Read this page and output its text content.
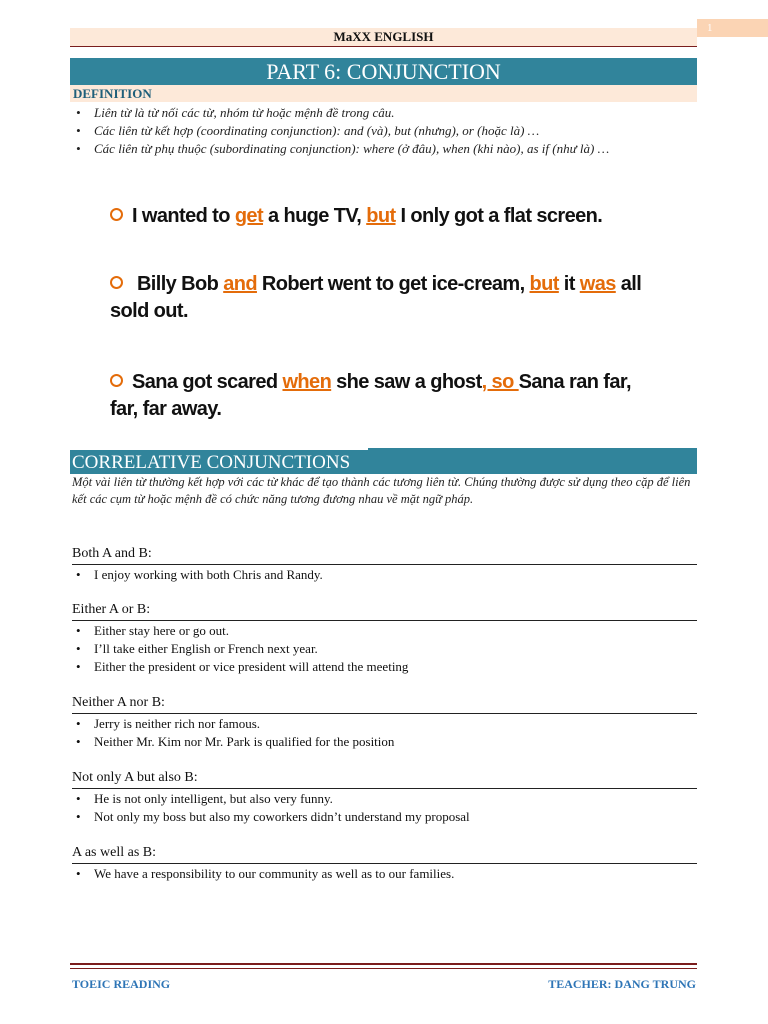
1
MaXX ENGLISH
PART 6: CONJUNCTION
DEFINITION
• Liên từ là từ nối các từ, nhóm từ hoặc mệnh đề trong câu.
• Các liên từ kết hợp (coordinating conjunction): and (và), but (nhưng), or (hoặc là) …
• Các liên từ phụ thuộc (subordinating conjunction): where (ở đâu), when (khi nào), as if (như là) …
I wanted to get a huge TV, but I only got a flat screen.
Billy Bob and Robert went to get ice-cream, but it was all sold out.
Sana got scared when she saw a ghost, so Sana ran far, far, far away.
CORRELATIVE CONJUNCTIONS
Một vài liên từ thường kết hợp với các từ khác để tạo thành các tương liên từ. Chúng thường được sử dụng theo cặp để liên kết các cụm từ hoặc mệnh đề có chức năng tương đương nhau về mặt ngữ pháp.
Both A and B:
• I enjoy working with both Chris and Randy.
Either A or B:
• Either stay here or go out.
• I’ll take either English or French next year.
• Either the president or vice president will attend the meeting
Neither A nor B:
• Jerry is neither rich nor famous.
• Neither Mr. Kim nor Mr. Park is qualified for the position
Not only A but also B:
• He is not only intelligent, but also very funny.
• Not only my boss but also my coworkers didn’t understand my proposal
A as well as B:
• We have a responsibility to our community as well as to our families.
TOEIC READING	TEACHER: DANG TRUNG
